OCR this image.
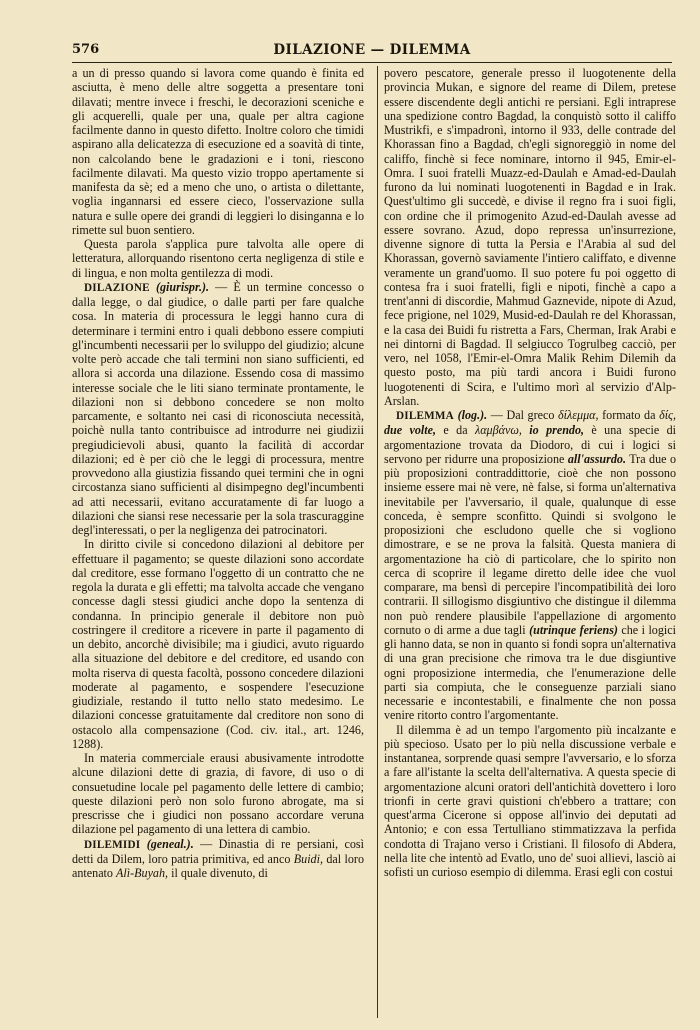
576	DILAZIONE — DILEMMA

a un di presso quando si lavora come quando è finita ed asciutta, è meno delle altre soggetta a presentare toni dilavati; mentre invece i freschi, le decorazioni sceniche e gli acquerelli, quale per una, quale per altra cagione facilmente danno in questo difetto. Inoltre coloro che timidi aspirano alla delicatezza di esecuzione ed a soavità di tinte, non calcolando bene le gradazioni e i toni, riescono facilmente dilavati. Ma questo vizio troppo apertamente si manifesta da sè; ed a meno che uno, o artista o dilettante, voglia ingannarsi ed essere cieco, l'osservazione sulla natura e sulle opere dei grandi di leggieri lo disinganna e lo rimette sul buon sentiero.

Questa parola s'applica pure talvolta alle opere di letteratura, allorquando risentono certa negligenza di stile e di lingua, e non molta gentilezza di modi.

DILAZIONE (giurispr.). — È un termine concesso o dalla legge, o dal giudice, o dalle parti per fare qualche cosa. In materia di processura le leggi hanno cura di determinare i termini entro i quali debbono essere compiuti gl'incumbenti necessarii per lo sviluppo del giudizio; alcune volte però accade che tali termini non siano sufficienti, ed allora si accorda una dilazione. Essendo cosa di massimo interesse sociale che le liti siano terminate prontamente, le dilazioni non si debbono concedere se non molto parcamente, e soltanto nei casi di riconosciuta necessità, poichè nulla tanto contribuisce ad introdurre nei giudizii pregiudicievoli abusi, quanto la facilità di accordar dilazioni; ed è per ciò che le leggi di processura, mentre provvedono alla giustizia fissando quei termini che in ogni circostanza siano sufficienti al disimpegno degl'incumbenti ad atti necessarii, evitano accuratamente di far luogo a dilazioni che siansi rese necessarie per la sola trascuraggine degl'interessati, o per la negligenza dei patrocinatori.

In diritto civile si concedono dilazioni al debitore per effettuare il pagamento; se queste dilazioni sono accordate dal creditore, esse formano l'oggetto di un contratto che ne regola la durata e gli effetti; ma talvolta accade che vengano concesse dagli stessi giudici anche dopo la sentenza di condanna. In principio generale il debitore non può costringere il creditore a ricevere in parte il pagamento di un debito, ancorchè divisibile; ma i giudici, avuto riguardo alla situazione del debitore e del creditore, ed usando con molta riserva di questa facoltà, possono concedere dilazioni moderate al pagamento, e sospendere l'esecuzione giudiziale, restando il tutto nello stato medesimo. Le dilazioni concesse gratuitamente dal creditore non sono di ostacolo alla compensazione (Cod. civ. ital., art. 1246, 1288).

In materia commerciale erausi abusivamente introdotte alcune dilazioni dette di grazia, di favore, di uso o di consuetudine locale pel pagamento delle lettere di cambio; queste dilazioni però non solo furono abrogate, ma si prescrisse che i giudici non possano accordare veruna dilazione pel pagamento di una lettera di cambio.

DILEMIDI (geneal.). — Dinastia di re persiani, così detti da Dilem, loro patria primitiva, ed anco Buidi, dal loro antenato Alì-Buyah, il quale divenuto, di

povero pescatore, generale presso il luogotenente della provincia Mukan, e signore del reame di Dilem, pretese essere discendente degli antichi re persiani. Egli intraprese una spedizione contro Bagdad, la conquistò sotto il califfo Mustrikfi, e s'impadronì, intorno il 933, delle contrade del Khorassan fino a Bagdad, ch'egli signoreggiò in nome del califfo, finchè si fece nominare, intorno il 945, Emir-el-Omra. I suoi fratelli Muazz-ed-Daulah e Amad-ed-Daulah furono da lui nominati luogotenenti in Bagdad e in Irak. Quest'ultimo gli succedè, e divise il regno fra i suoi figli, con ordine che il primogenito Azud-ed-Daulah avesse ad essere sovrano. Azud, dopo repressa un'insurrezione, divenne signore di tutta la Persia e l'Arabia al sud del Khorassan, governò saviamente l'intiero califfato, e divenne veramente un grand'uomo. Il suo potere fu poi oggetto di contesa fra i suoi fratelli, figli e nipoti, finchè a capo a trent'anni di discordie, Mahmud Gaznevide, nipote di Azud, fece prigione, nel 1029, Musid-ed-Daulah re del Khorassan, e la casa dei Buidi fu ristretta a Fars, Cherman, Irak Arabi e nei dintorni di Bagdad. Il selgiucco Togrulbeg cacciò, per vero, nel 1058, l'Emir-el-Omra Malik Rehim Dilemih da questo posto, ma più tardi ancora i Buidi furono luogotenenti di Scira, e l'ultimo morì al servizio d'Alp-Arslan.

DILEMMA (log.). — Dal greco δίλεμμα, formato da δίς, due volte, e da λαμβάνω, io prendo, è una specie di argomentazione trovata da Diodoro, di cui i logici si servono per ridurre una proposizione all'assurdo. Tra due o più proposizioni contraddittorie, cioè che non possono insieme essere mai nè vere, nè false, si forma un'alternativa inevitabile per l'avversario, il quale, qualunque di esse conceda, è sempre sconfitto. Quindi si svolgono le proposizioni che escludono quelle che si vogliono dimostrare, e se ne prova la falsità. Questa maniera di argomentazione ha ciò di particolare, che lo spirito non cerca di scoprire il legame diretto delle idee che vuol comparare, ma bensì di percepire l'incompatibilità dei loro contrarii. Il sillogismo disgiuntivo che distingue il dilemma non può rendere plausibile l'appellazione di argomento cornuto o di arme a due tagli (utrinque feriens) che i logici gli hanno data, se non in quanto si fondi sopra un'alternativa di una gran precisione che rimova tra le due disgiuntive ogni proposizione intermedia, che l'enumerazione delle parti sia compiuta, che le conseguenze parziali siano necessarie e incontestabili, e finalmente che non possa venire ritorto contro l'argomentante.

Il dilemma è ad un tempo l'argomento più incalzante e più specioso. Usato per lo più nella discussione verbale e instantanea, sorprende quasi sempre l'avversario, e lo sforza a fare all'istante la scelta dell'alternativa. A questa specie di argomentazione alcuni oratori dell'antichità dovettero i loro trionfi in certe gravi quistioni ch'ebbero a trattare; con quest'arma Cicerone si oppose all'invio dei deputati ad Antonio; e con essa Tertulliano stimmatizzava la perfida condotta di Trajano verso i Cristiani. Il filosofo di Abdera, nella lite che intentò ad Evatlo, uno de' suoi allievi, lasciò ai sofisti un curioso esempio di dilemma. Erasi egli con costui
